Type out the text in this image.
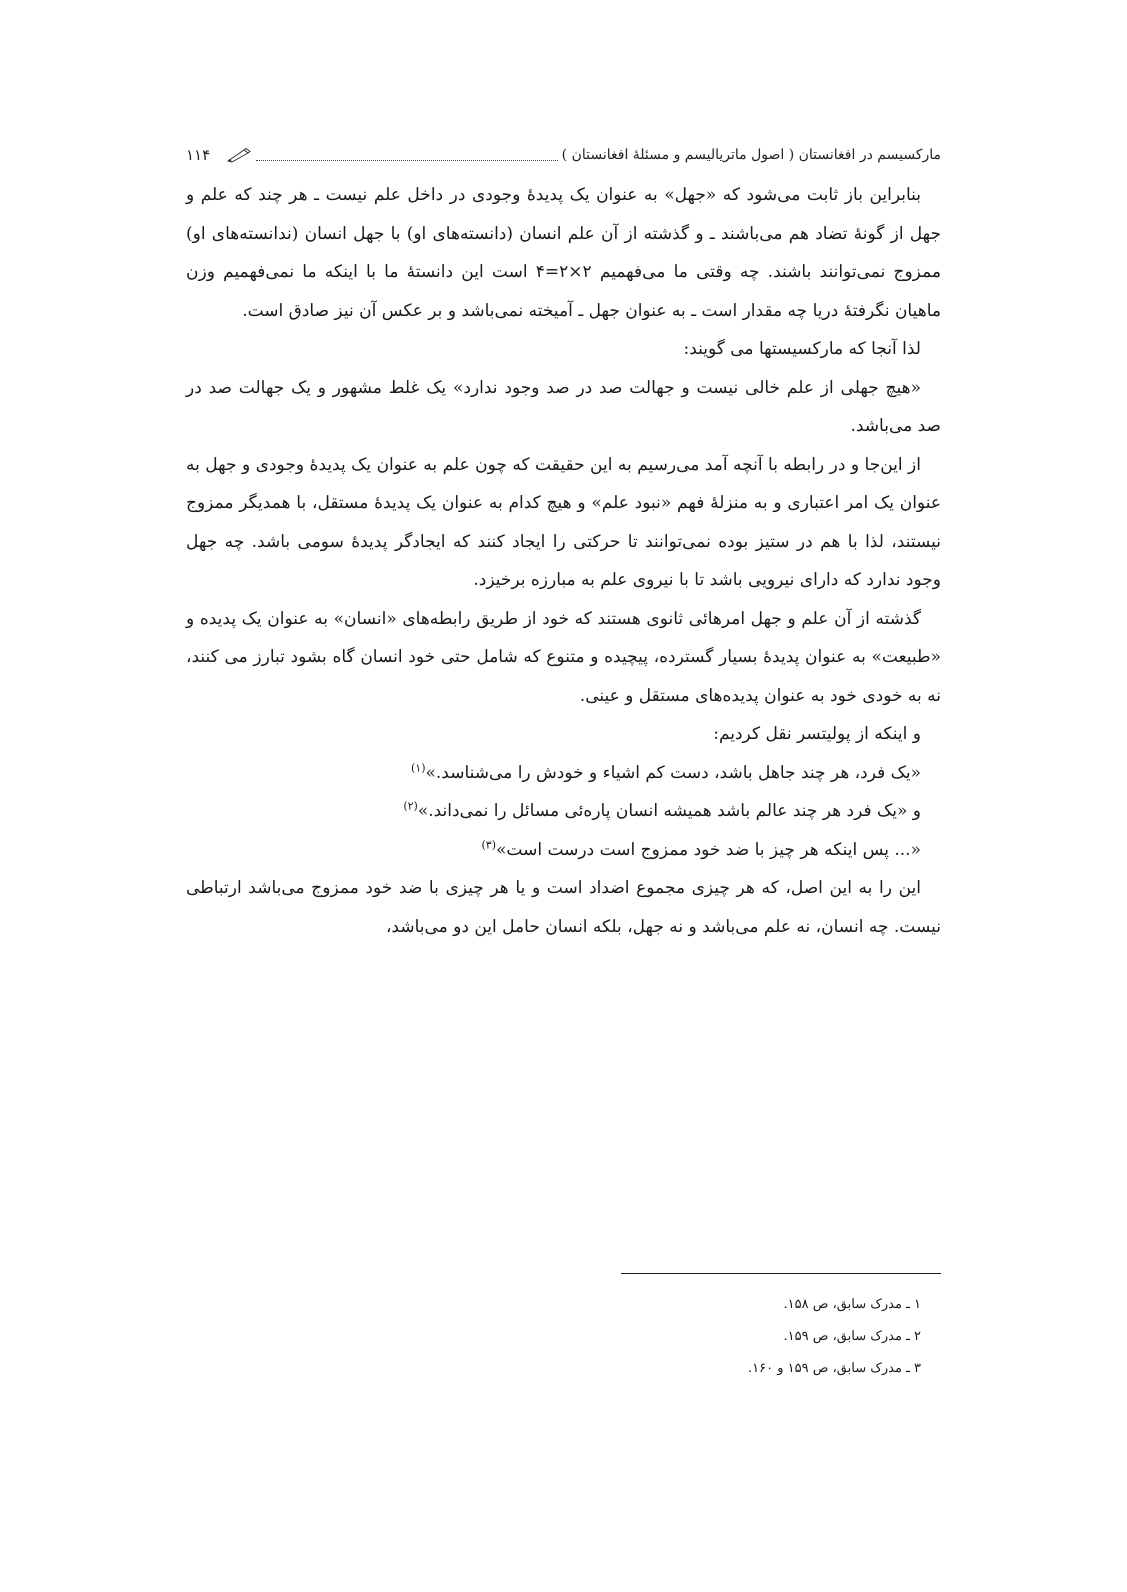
مارکسیسم در افغانستان ( اصول ماتریالیسم و مسئلۀ افغانستان )
۱۱۴

بنابراین باز ثابت می‌شود که «جهل» به عنوان یک پدیدۀ وجودی در داخل علم نیست ـ هر چند که علم و جهل از گونۀ تضاد هم می‌باشند ـ و گذشته از آن علم انسان (دانسته‌های او) با جهل انسان (ندانسته‌های او) ممزوج نمی‌توانند باشند. چه وقتی ما می‌فهمیم ۲×۲=۴ است این دانستۀ ما با اینکه ما نمی‌فهمیم وزن ماهیان نگرفتۀ دریا چه مقدار است ـ به عنوان جهل ـ آمیخته نمی‌باشد و بر عکس آن نیز صادق است.

لذا آنجا که مارکسیستها می گویند:

«هیچ جهلی از علم خالی نیست و جهالت صد در صد وجود ندارد» یک غلط مشهور و یک جهالت صد در صد می‌باشد.

از این‌جا و در رابطه با آنچه آمد می‌رسیم به این حقیقت که چون علم به عنوان یک پدیدۀ وجودی و جهل به عنوان یک امر اعتباری و به منزلۀ فهم «نبود علم» و هیچ کدام به عنوان یک پدیدۀ مستقل، با همدیگر ممزوج نیستند، لذا با هم در ستیز بوده نمی‌توانند تا حرکتی را ایجاد کنند که ایجادگر پدیدۀ سومی باشد. چه جهل وجود ندارد که دارای نیرویی باشد تا با نیروی علم به مبارزه برخیزد.

گذشته از آن علم و جهل امرهائی ثانوی هستند که خود از طریق رابطه‌های «انسان» به عنوان یک پدیده و «طبیعت» به عنوان پدیدۀ بسیار گسترده، پیچیده و متنوع که شامل حتی خود انسان گاه بشود تبارز می کنند، نه به خودی خود به عنوان پدیده‌های مستقل و عینی.

و اینکه از پولیتسر نقل کردیم:

«یک فرد، هر چند جاهل باشد، دست کم اشیاء و خودش را می‌شناسد.»$^{(۱)}$

و «یک فرد هر چند عالم باشد همیشه انسان پاره‌ئی مسائل را نمی‌داند.»$^{(۲)}$

«... پس اینکه هر چیز با ضد خود ممزوج است درست است»$^{(۳)}$

این را به این اصل، که هر چیزی مجموع اضداد است و یا هر چیزی با ضد خود ممزوج می‌باشد ارتباطی نیست. چه انسان، نه علم می‌باشد و نه جهل، بلکه انسان حامل این دو می‌باشد،

۱ ـ مدرک سابق، ص ۱۵۸.
۲ ـ مدرک سابق، ص ۱۵۹.
۳ ـ مدرک سابق، ص ۱۵۹ و ۱۶۰.
